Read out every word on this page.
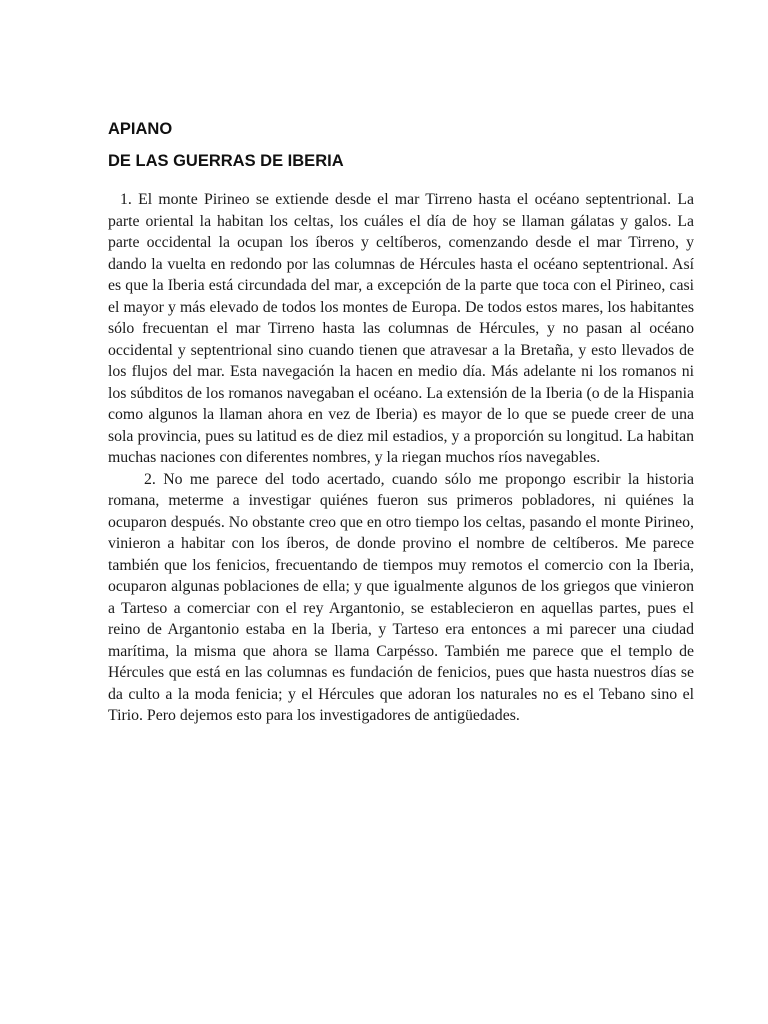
APIANO
DE LAS GUERRAS DE IBERIA

1. El monte Pirineo se extiende desde el mar Tirreno hasta el océano septentrional. La parte oriental la habitan los celtas, los cuáles el día de hoy se llaman gálatas y galos. La parte occidental la ocupan los íberos y celtíberos, comenzando desde el mar Tirreno, y dando la vuelta en redondo por las columnas de Hércules hasta el océano septentrional. Así es que la Iberia está circundada del mar, a excepción de la parte que toca con el Pirineo, casi el mayor y más elevado de todos los montes de Europa. De todos estos mares, los habitantes sólo frecuentan el mar Tirreno hasta las columnas de Hércules, y no pasan al océano occidental y septentrional sino cuando tienen que atravesar a la Bretaña, y esto llevados de los flujos del mar. Esta navegación la hacen en medio día. Más adelante ni los romanos ni los súbditos de los romanos navegaban el océano. La extensión de la Iberia (o de la Hispania como algunos la llaman ahora en vez de Iberia) es mayor de lo que se puede creer de una sola provincia, pues su latitud es de diez mil estadios, y a proporción su longitud. La habitan muchas naciones con diferentes nombres, y la riegan muchos ríos navegables.

2. No me parece del todo acertado, cuando sólo me propongo escribir la historia romana, meterme a investigar quiénes fueron sus primeros pobladores, ni quiénes la ocuparon después. No obstante creo que en otro tiempo los celtas, pasando el monte Pirineo, vinieron a habitar con los íberos, de donde provino el nombre de celtíberos. Me parece también que los fenicios, frecuentando de tiempos muy remotos el comercio con la Iberia, ocuparon algunas poblaciones de ella; y que igualmente algunos de los griegos que vinieron a Tarteso a comerciar con el rey Argantonio, se establecieron en aquellas partes, pues el reino de Argantonio estaba en la Iberia, y Tarteso era entonces a mi parecer una ciudad marítima, la misma que ahora se llama Carpésso. También me parece que el templo de Hércules que está en las columnas es fundación de fenicios, pues que hasta nuestros días se da culto a la moda fenicia; y el Hércules que adoran los naturales no es el Tebano sino el Tirio. Pero dejemos esto para los investigadores de antigüedades.
